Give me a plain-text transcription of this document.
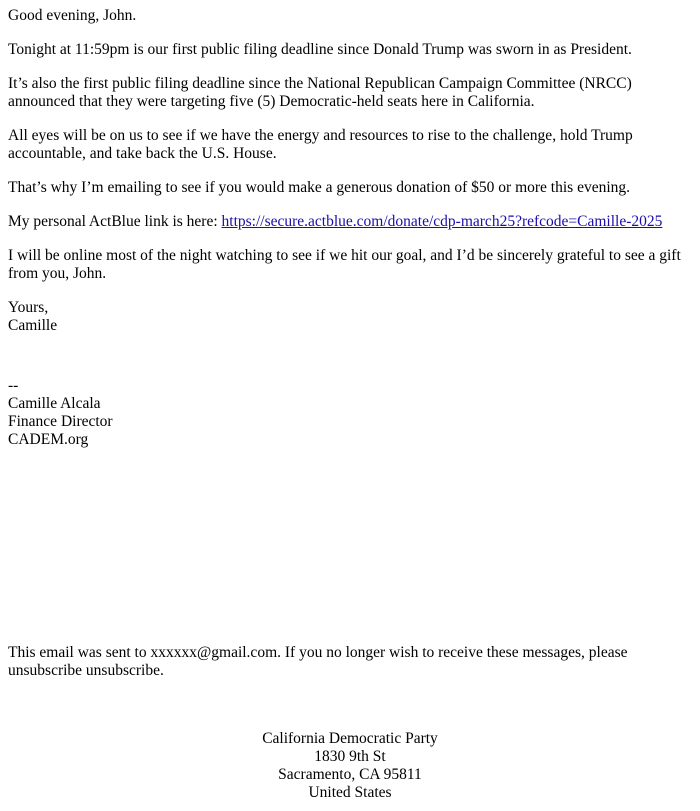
Good evening, John.

Tonight at 11:59pm is our first public filing deadline since Donald Trump was sworn in as President.

It’s also the first public filing deadline since the National Republican Campaign Committee (NRCC) announced that they were targeting five (5) Democratic-held seats here in California.

All eyes will be on us to see if we have the energy and resources to rise to the challenge, hold Trump accountable, and take back the U.S. House.

That’s why I’m emailing to see if you would make a generous donation of $50 or more this evening.

My personal ActBlue link is here: https://secure.actblue.com/donate/cdp-march25?refcode=Camille-2025

I will be online most of the night watching to see if we hit our goal, and I’d be sincerely grateful to see a gift from you, John.

Yours,
Camille

--
Camille Alcala
Finance Director
CADEM.org
This email was sent to xxxxxx@gmail.com. If you no longer wish to receive these messages, please unsubscribe unsubscribe.
California Democratic Party
1830 9th St
Sacramento, CA 95811
United States
